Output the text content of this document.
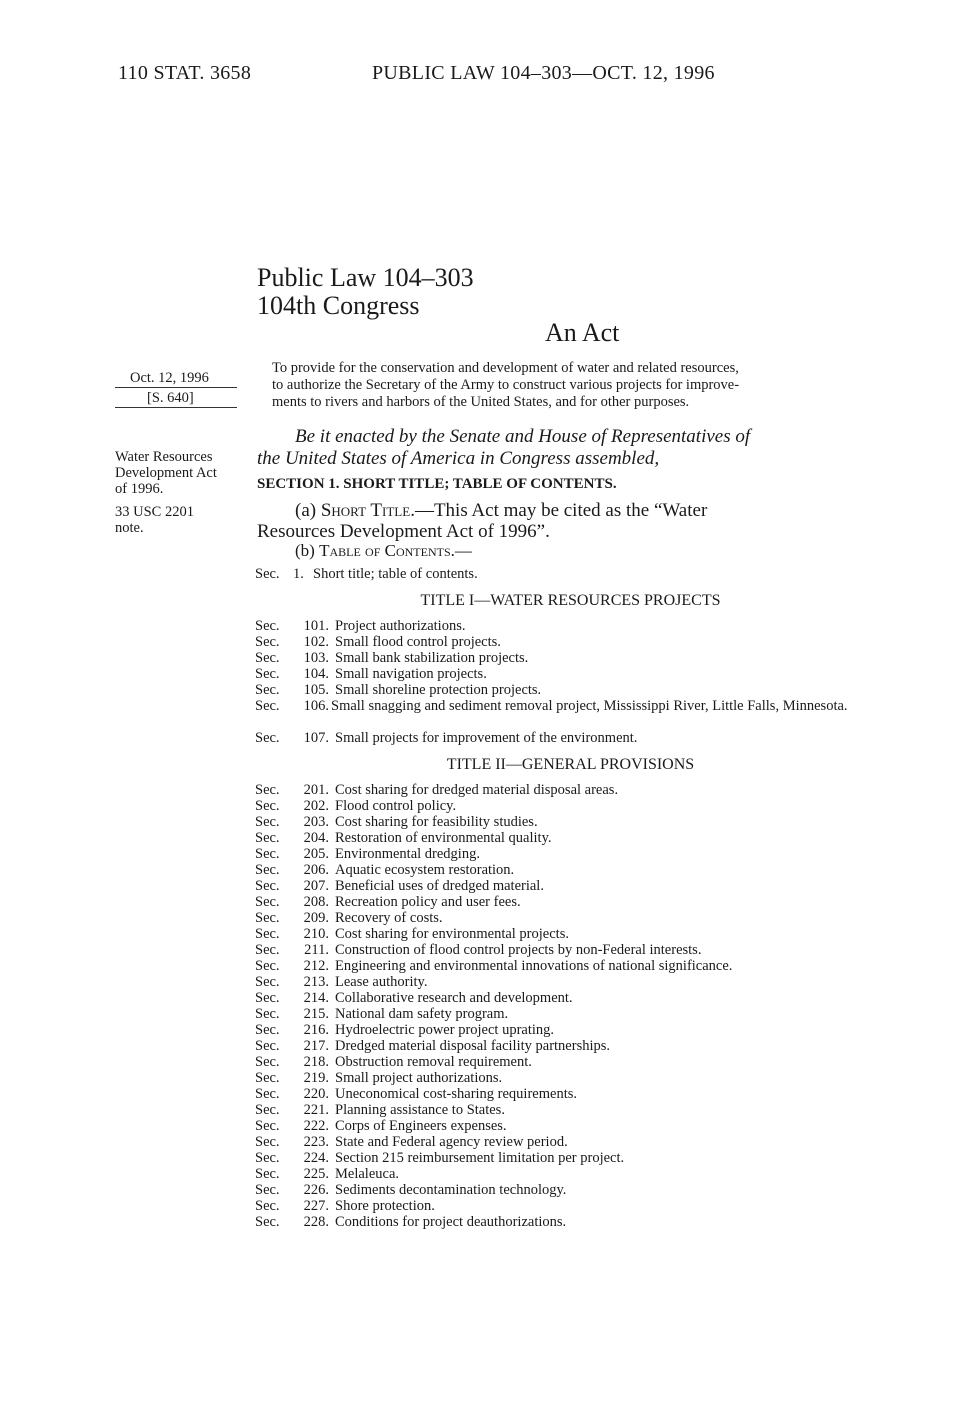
110 STAT. 3658	PUBLIC LAW 104–303—OCT. 12, 1996
Public Law 104–303
104th Congress
An Act
Oct. 12, 1996
[S. 640]
Water Resources
Development Act
of 1996.
33 USC 2201
note.
To provide for the conservation and development of water and related resources,
to authorize the Secretary of the Army to construct various projects for improve-
ments to rivers and harbors of the United States, and for other purposes.
Be it enacted by the Senate and House of Representatives of
the United States of America in Congress assembled,
SECTION 1. SHORT TITLE; TABLE OF CONTENTS.
(a) Short Title.—This Act may be cited as the “Water
Resources Development Act of 1996”.
(b) Table of Contents.—
Sec. 1. Short title; table of contents.
TITLE I—WATER RESOURCES PROJECTS
Sec. 101. Project authorizations.
Sec. 102. Small flood control projects.
Sec. 103. Small bank stabilization projects.
Sec. 104. Small navigation projects.
Sec. 105. Small shoreline protection projects.
Sec. 106. Small snagging and sediment removal project, Mississippi River, Little Falls, Minnesota.
Sec. 107. Small projects for improvement of the environment.
TITLE II—GENERAL PROVISIONS
Sec. 201. Cost sharing for dredged material disposal areas.
Sec. 202. Flood control policy.
Sec. 203. Cost sharing for feasibility studies.
Sec. 204. Restoration of environmental quality.
Sec. 205. Environmental dredging.
Sec. 206. Aquatic ecosystem restoration.
Sec. 207. Beneficial uses of dredged material.
Sec. 208. Recreation policy and user fees.
Sec. 209. Recovery of costs.
Sec. 210. Cost sharing for environmental projects.
Sec. 211. Construction of flood control projects by non-Federal interests.
Sec. 212. Engineering and environmental innovations of national significance.
Sec. 213. Lease authority.
Sec. 214. Collaborative research and development.
Sec. 215. National dam safety program.
Sec. 216. Hydroelectric power project uprating.
Sec. 217. Dredged material disposal facility partnerships.
Sec. 218. Obstruction removal requirement.
Sec. 219. Small project authorizations.
Sec. 220. Uneconomical cost-sharing requirements.
Sec. 221. Planning assistance to States.
Sec. 222. Corps of Engineers expenses.
Sec. 223. State and Federal agency review period.
Sec. 224. Section 215 reimbursement limitation per project.
Sec. 225. Melaleuca.
Sec. 226. Sediments decontamination technology.
Sec. 227. Shore protection.
Sec. 228. Conditions for project deauthorizations.
